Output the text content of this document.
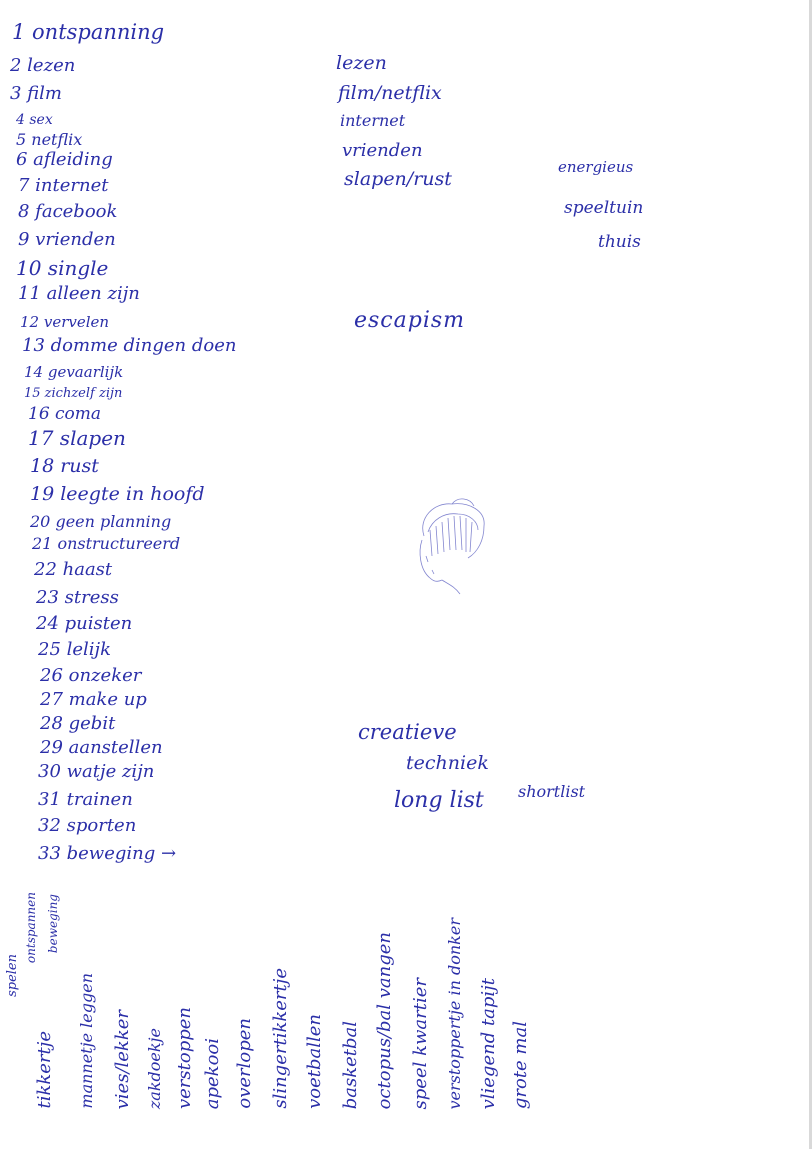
1 ontspanning
2 lezen
3 film
4 sex
5 netflix
6 afleiding
7 internet
8 facebook
9 vrienden
10 single
11 alleen zijn
12 vervelen
13 domme dingen doen
14 gevaarlijk
15 zichzelf zijn
16 coma
17 slapen
18 rust
19 leegte in hoofd
20 geen planning
21 onstructureerd
22 haast
23 stress
24 puisten
25 lelijk
26 onzeker
27 make up
28 gebit
29 aanstellen
30 watje zijn
31 trainen
32 sporten
33 beweging →
lezen
film/netflix
internet
vrienden
slapen/rust
energieus
speeltuin
thuis
escapism
creatieve
techniek
long list shortlist
spelen
ontspannen beweging
tikkertje mannetje leggen vies/lekker zakdoekje verstoppen apekooi overlopen slingertikkertje voetballen basketbal octopus/bal vangen speel kwartier verstoppertje in donker vliegend tapijt grote mal
